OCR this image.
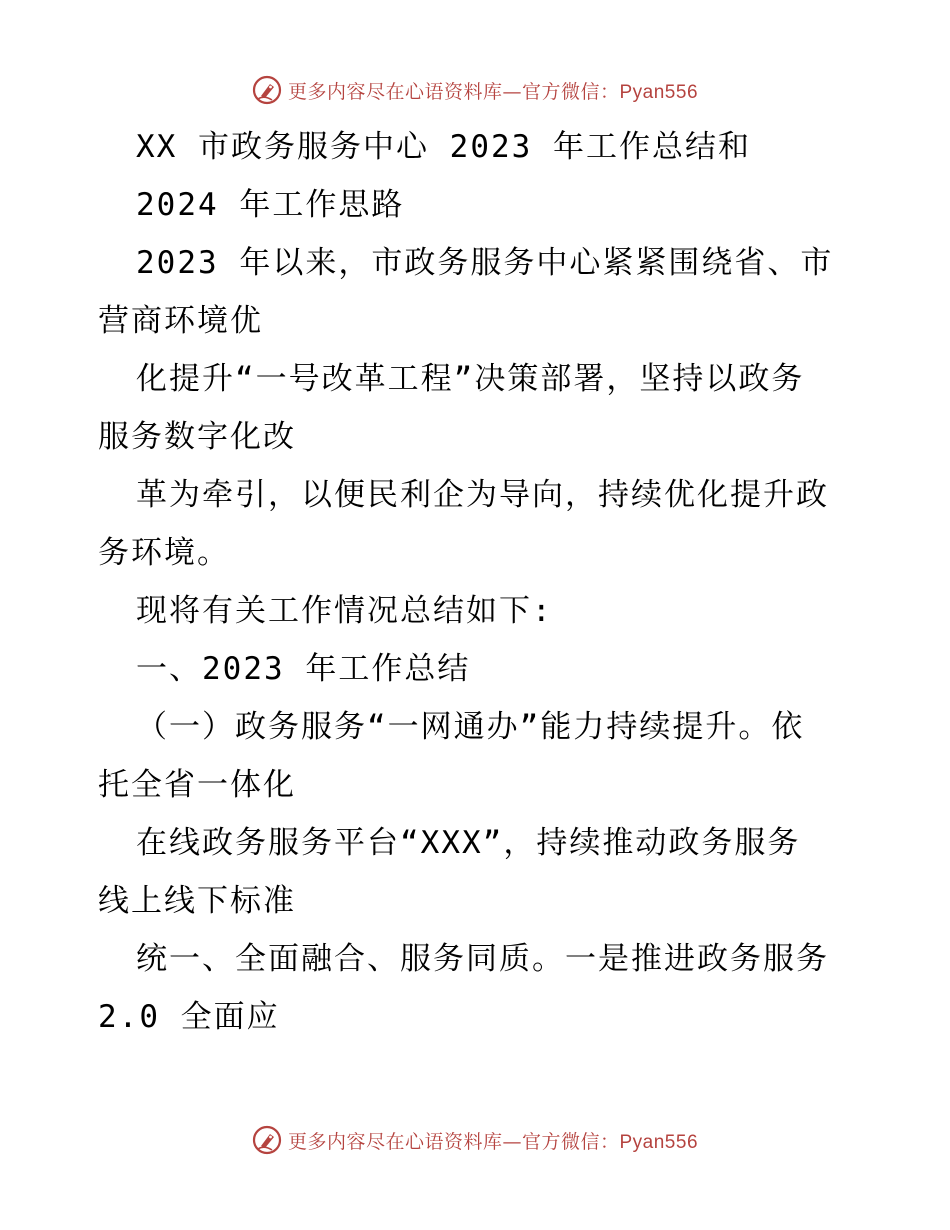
更多内容尽在心语资料库—官方微信：Pyan556
XX 市政务服务中心 2023 年工作总结和
2024 年工作思路
2023 年以来，市政务服务中心紧紧围绕省、市
营商环境优
化提升“一号改革工程”决策部署，坚持以政务
服务数字化改
革为牵引，以便民利企为导向，持续优化提升政
务环境。
现将有关工作情况总结如下:
一、2023 年工作总结
（一）政务服务“一网通办”能力持续提升。依
托全省一体化
在线政务服务平台“XXX”，持续推动政务服务
线上线下标准
统一、全面融合、服务同质。一是推进政务服务
2.0 全面应
更多内容尽在心语资料库—官方微信：Pyan556
